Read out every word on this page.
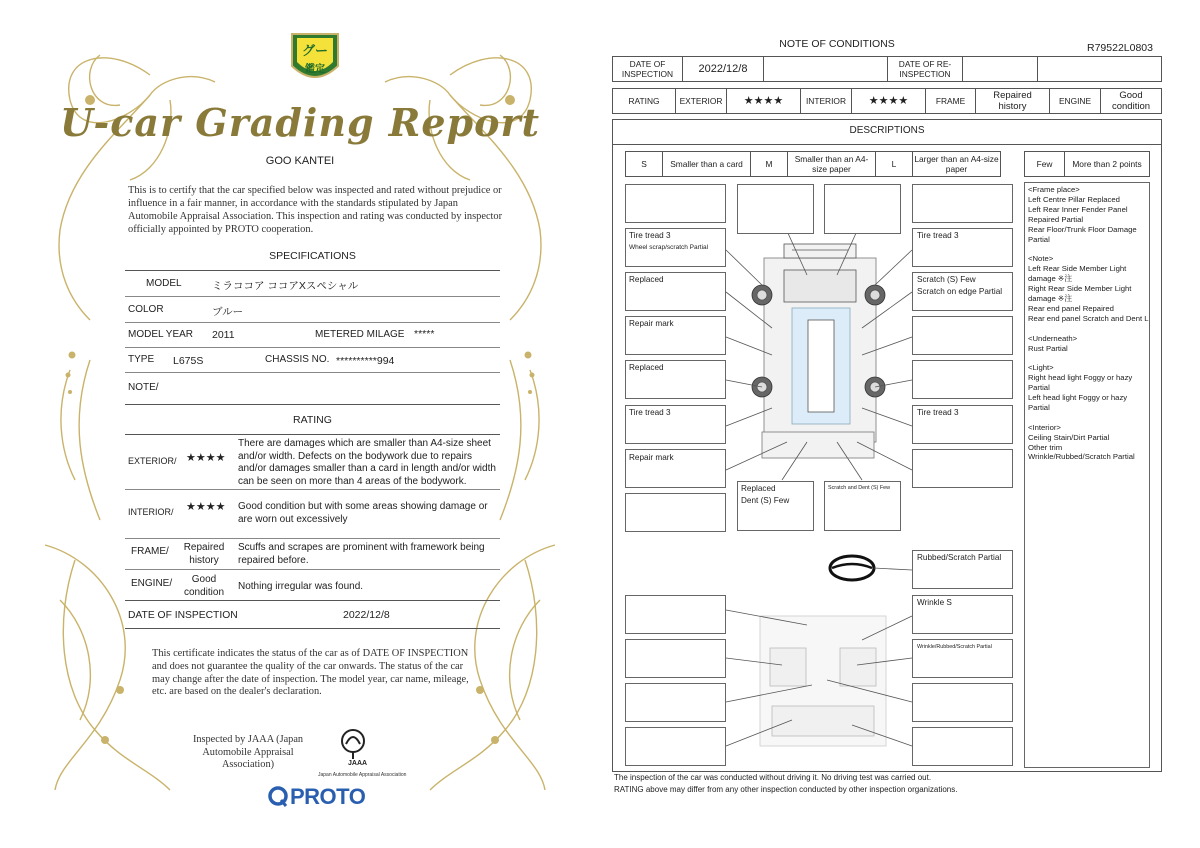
グー
鑑定
U-car Grading Report
GOO KANTEI
This is to certify that the car specified below was inspected and rated without prejudice or influence in a fair manner, in accordance with the standards stipulated by Japan Automobile Appraisal Association. This inspection and rating was conducted by inspector officially appointed by PROTO cooperation.
SPECIFICATIONS
MODEL	ミラココア ココアXスペシャル
COLOR	ブルー
MODEL YEAR 2011	METERED MILAGE *****
TYPE L675S	CHASSIS NO. **********994
NOTE/
RATING
EXTERIOR/ ★★★★
There are damages which are smaller than A4-size sheet and/or width. Defects on the bodywork due to repairs and/or damages smaller than a card in length and/or width can be seen on more than 4 areas of the bodywork.
INTERIOR/ ★★★★ Good condition but with some areas showing damage or are worn out excessively
FRAME/	Repaired history
Scuffs and scrapes are prominent with framework being repaired before.
ENGINE/	Good condition	Nothing irregular was found.
DATE OF INSPECTION	2022/12/8
This certificate indicates the status of the car as of DATE OF INSPECTION and does not guarantee the quality of the car onwards. The status of the car may change after the date of inspection. The model year, car name, mileage, etc. are based on the dealer's declaration.
Inspected by JAAA (Japan Automobile Appraisal Association)	JAAA
Japan Automobile Appraisal Association
PROTO
NOTE OF CONDITIONS	R79522L0803
DATE OF INSPECTION	2022/12/8	DATE OF RE-INSPECTION
RATING	EXTERIOR	★★★★	INTERIOR	★★★★	FRAME	Repaired history	ENGINE	Good condition
DESCRIPTIONS
S	Smaller than a card	M	Smaller than an A4-size paper	L	Larger than an A4-size paper	Few	More than 2 points
<Frame place>
Left Centre Pillar Replaced
Left Rear Inner Fender Panel Repaired Partial
Rear Floor/Trunk Floor Damage Partial

<Note>
Left Rear Side Member Light damage ※注
Right Rear Side Member Light damage ※注
Rear end panel Repaired
Rear end panel Scratch and Dent L

<Underneath>
Rust Partial

<Light>
Right head light Foggy or hazy Partial
Left head light Foggy or hazy Partial

<Interior>
Ceiling Stain/Dirt Partial
Other trim
Wrinkle/Rubbed/Scratch Partial
Tire tread 3
Wheel scrap/scratch Partial
Replaced
Repair mark
Replaced
Tire tread 3
Repair mark
Tire tread 3
Scratch (S) Few
Scratch on edge Partial
Tire tread 3
Replaced
Dent (S) Few
Scratch and Dent (S) Few
Rubbed/Scratch Partial
Wrinkle S
Wrinkle/Rubbed/Scratch Partial
The inspection of the car was conducted without driving it. No driving test was carried out.
RATING above may differ from any other inspection conducted by other inspection organizations.
